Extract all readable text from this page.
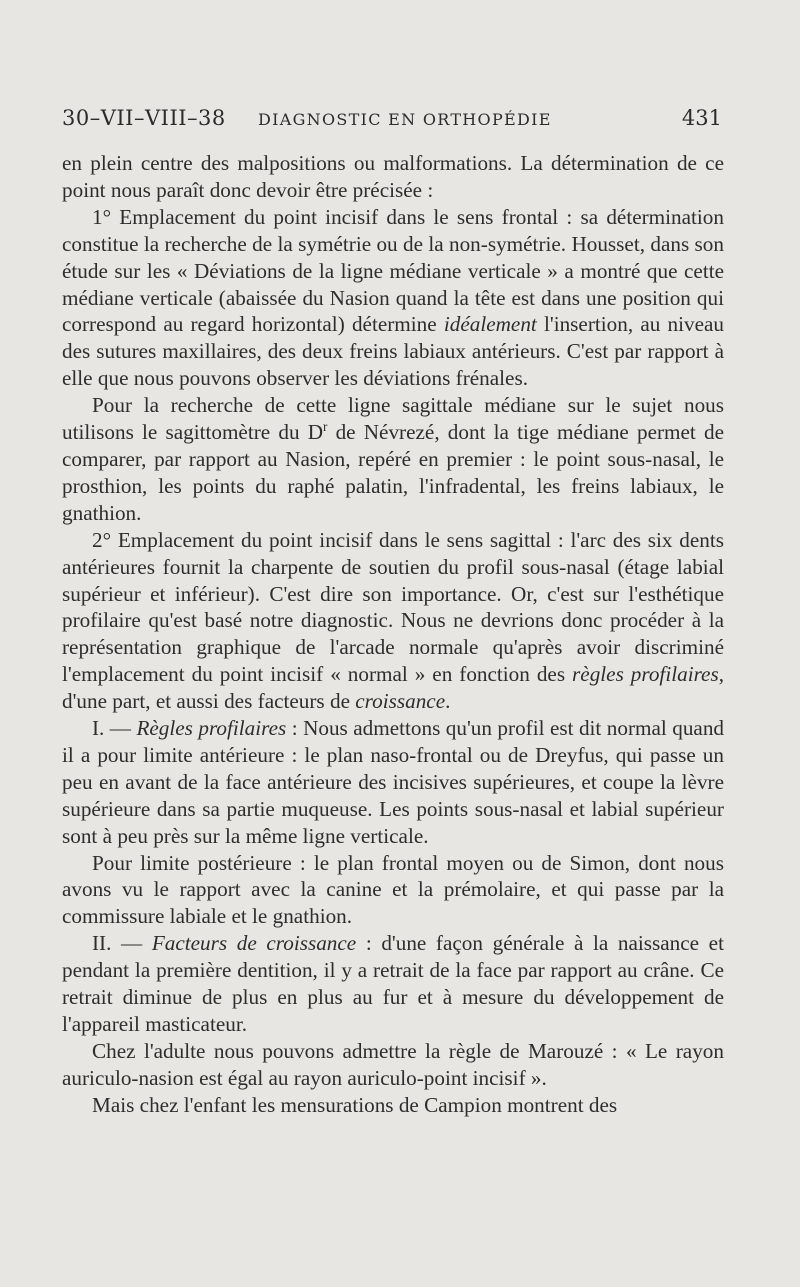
30–VII–VIII–38 DIAGNOSTIC EN ORTHOPÉDIE	431

en plein centre des malpositions ou malformations. La détermination de ce point nous paraît donc devoir être précisée :

1° Emplacement du point incisif dans le sens frontal : sa détermination constitue la recherche de la symétrie ou de la non-symétrie. Housset, dans son étude sur les « Déviations de la ligne médiane verticale » a montré que cette médiane verticale (abaissée du Nasion quand la tête est dans une position qui correspond au regard horizontal) détermine idéalement l'insertion, au niveau des sutures maxillaires, des deux freins labiaux antérieurs. C'est par rapport à elle que nous pouvons observer les déviations frénales.

Pour la recherche de cette ligne sagittale médiane sur le sujet nous utilisons le sagittomètre du $D^r$ de Névrezé, dont la tige médiane permet de comparer, par rapport au Nasion, repéré en premier : le point sous-nasal, le prosthion, les points du raphé palatin, l'infradental, les freins labiaux, le gnathion.

2° Emplacement du point incisif dans le sens sagittal : l'arc des six dents antérieures fournit la charpente de soutien du profil sous-nasal (étage labial supérieur et inférieur). C'est dire son importance. Or, c'est sur l'esthétique profilaire qu'est basé notre diagnostic. Nous ne devrions donc procéder à la représentation graphique de l'arcade normale qu'après avoir discriminé l'emplacement du point incisif « normal » en fonction des règles profilaires, d'une part, et aussi des facteurs de croissance.

I. — Règles profilaires : Nous admettons qu'un profil est dit normal quand il a pour limite antérieure : le plan naso-frontal ou de Dreyfus, qui passe un peu en avant de la face antérieure des incisives supérieures, et coupe la lèvre supérieure dans sa partie muqueuse. Les points sous-nasal et labial supérieur sont à peu près sur la même ligne verticale.

Pour limite postérieure : le plan frontal moyen ou de Simon, dont nous avons vu le rapport avec la canine et la prémolaire, et qui passe par la commissure labiale et le gnathion.

II. — Facteurs de croissance : d'une façon générale à la naissance et pendant la première dentition, il y a retrait de la face par rapport au crâne. Ce retrait diminue de plus en plus au fur et à mesure du développement de l'appareil masticateur.

Chez l'adulte nous pouvons admettre la règle de Marouzé : « Le rayon auriculo-nasion est égal au rayon auriculo-point incisif ».

Mais chez l'enfant les mensurations de Campion montrent des
